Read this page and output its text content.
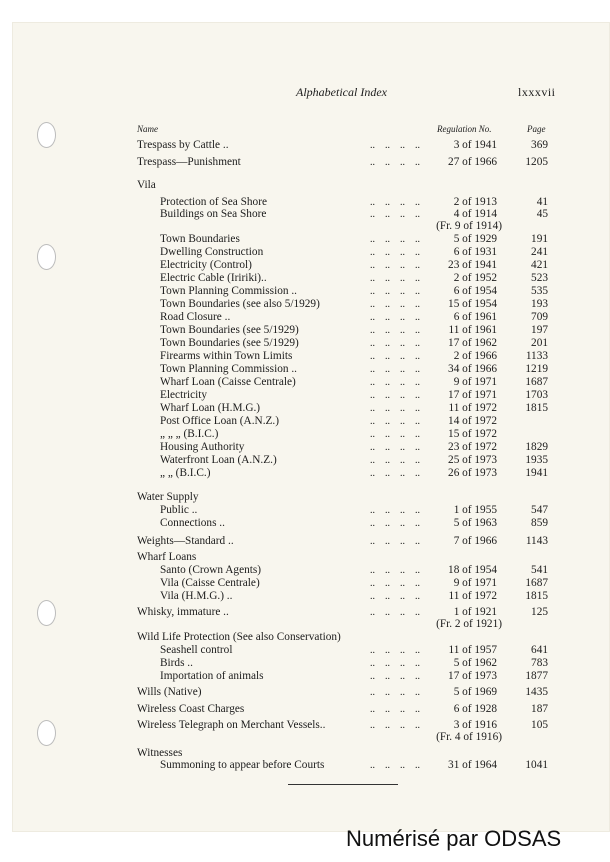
Alphabetical Index	lxxxvii
Name	Regulation No.	Page
Trespass by Cattle ..	..    ..    ..    ..	3 of 1941	369
Trespass—Punishment	..    ..    ..    .. 27 of 1966	1205
Vila
Protection of Sea Shore	..    ..    ..    ..	2 of 1913	41
Buildings on Sea Shore	..    ..    ..    ..	4 of 1914	45
(Fr. 9 of 1914)
Town Boundaries	..    ..    ..    ..	5 of 1929	191
Dwelling Construction	..    ..    ..    ..	6 of 1931	241
Electricity (Control)	..    ..    ..    .. 23 of 1941	421
Electric Cable (Iririki)..	..    ..    ..    ..	2 of 1952	523
Town Planning Commission ..	..    ..    ..    ..	6 of 1954	535
Town Boundaries (see also 5/1929)	..    ..    ..    .. 15 of 1954	193
Road Closure ..	..    ..    ..    ..	6 of 1961	709
Town Boundaries (see 5/1929)	..    ..    ..    ..	11 of 1961	197
Town Boundaries (see 5/1929)	..    ..    ..    .. 17 of 1962	201
Firearms within Town Limits	..    ..    ..    ..	2 of 1966	1133
Town Planning Commission ..	..    ..    ..    .. 34 of 1966	1219
Wharf Loan (Caisse Centrale)	..    ..    ..    ..	9 of 1971	1687
Electricity	..    ..    ..    .. 17 of 1971	1703
Wharf Loan (H.M.G.)	..    ..    ..    ..	11 of 1972	1815
Post Office Loan (A.N.Z.)	..    ..    ..    .. 14 of 1972
„ „ „ (B.I.C.)	..    ..    ..    .. 15 of 1972
Housing Authority	..    ..    ..    .. 23 of 1972	1829
Waterfront Loan (A.N.Z.)	..    ..    ..    .. 25 of 1973	1935
„ „ (B.I.C.)	..    ..    ..    .. 26 of 1973	1941
Water Supply
Public ..	..    ..    ..    ..	1 of 1955	547
Connections ..	..    ..    ..    ..	5 of 1963	859
Weights—Standard ..	..    ..    ..    ..	7 of 1966	1143
Wharf Loans
Santo (Crown Agents)	..    ..    ..    .. 18 of 1954	541
Vila (Caisse Centrale)	..    ..    ..    ..	9 of 1971	1687
Vila (H.M.G.) ..	..    ..    ..    ..	11 of 1972	1815
Whisky, immature ..	..    ..    ..    ..	1 of 1921	125
(Fr. 2 of 1921)
Wild Life Protection (See also Conservation)
Seashell control	..    ..    ..    ..	11 of 1957	641
Birds ..	..    ..    ..    ..	5 of 1962	783
Importation of animals	..    ..    ..    .. 17 of 1973	1877
Wills (Native)	..    ..    ..    ..	5 of 1969	1435
Wireless Coast Charges	..    ..    ..    ..	6 of 1928	187
Wireless Telegraph on Merchant Vessels..	..    ..    ..    ..	3 of 1916	105
(Fr. 4 of 1916)
Witnesses
Summoning to appear before Courts	..    ..    ..    .. 31 of 1964	1041
Numérisé par ODSAS
